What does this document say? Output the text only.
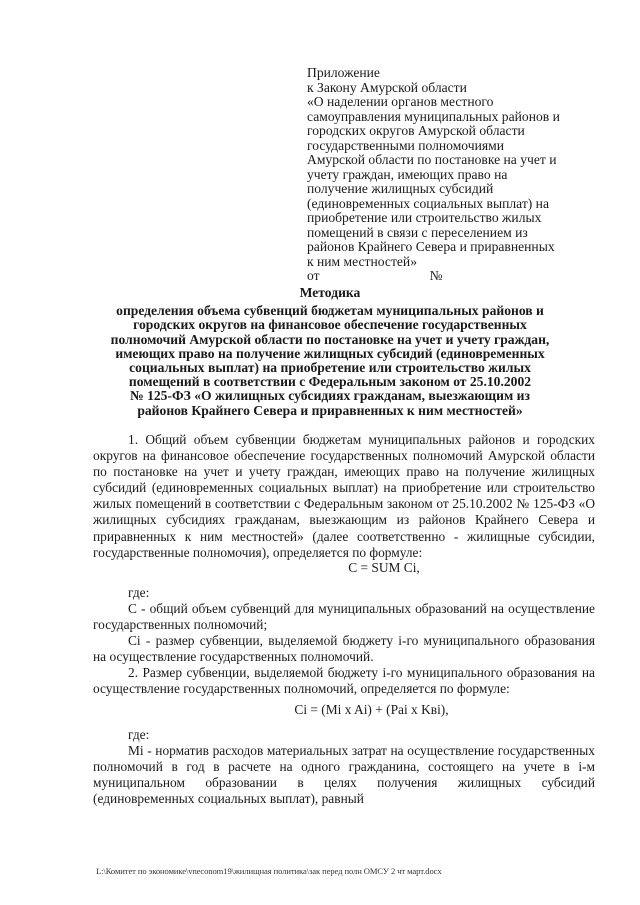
Приложение
к Закону Амурской области
«О наделении органов местного
самоуправления муниципальных районов и
городских округов Амурской области
государственными полномочиями
Амурской области по постановке на учет и
учету граждан, имеющих право на
получение жилищных субсидий
(единовременных социальных выплат) на
приобретение или строительство жилых
помещений в связи с переселением из
районов Крайнего Севера и приравненных
к ним местностей»
от	№
Методика
определения объема субвенций бюджетам муниципальных районов и
городских округов на финансовое обеспечение государственных
полномочий Амурской области по постановке на учет и учету граждан,
имеющих право на получение жилищных субсидий (единовременных
социальных выплат) на приобретение или строительство жилых
помещений в соответствии с Федеральным законом от 25.10.2002
№ 125-ФЗ «О жилищных субсидиях гражданам, выезжающим из
районов Крайнего Севера и приравненных к ним местностей»

1. Общий объем субвенции бюджетам муниципальных районов и городских округов на финансовое обеспечение государственных полномочий Амурской области по постановке на учет и учету граждан, имеющих право на получение жилищных субсидий (единовременных социальных выплат) на приобретение или строительство жилых помещений в соответствии с Федеральным законом от 25.10.2002 № 125-ФЗ «О жилищных субсидиях гражданам, выезжающим из районов Крайнего Севера и приравненных к ним местностей» (далее соответственно - жилищные субсидии, государственные полномочия), определяется по формуле:

C = SUM Ci,

где:

С - общий объем субвенций для муниципальных образований на осуществление государственных полномочий;

Ci - размер субвенции, выделяемой бюджету i-го муниципального образования на осуществление государственных полномочий.

2. Размер субвенции, выделяемой бюджету i-го муниципального образования на осуществление государственных полномочий, определяется по формуле:

Ci = (Mi x Ai) + (Pai x Kвi),

где:

Mi - норматив расходов материальных затрат на осуществление государственных полномочий в год в расчете на одного гражданина, состоящего на учете в i-м муниципальном образовании в целях получения жилищных субсидий (единовременных социальных выплат), равный

L:\Комитет по экономике\vneconom19\жилищная политика\зак перед полн ОМСУ 2 чт март.docx
